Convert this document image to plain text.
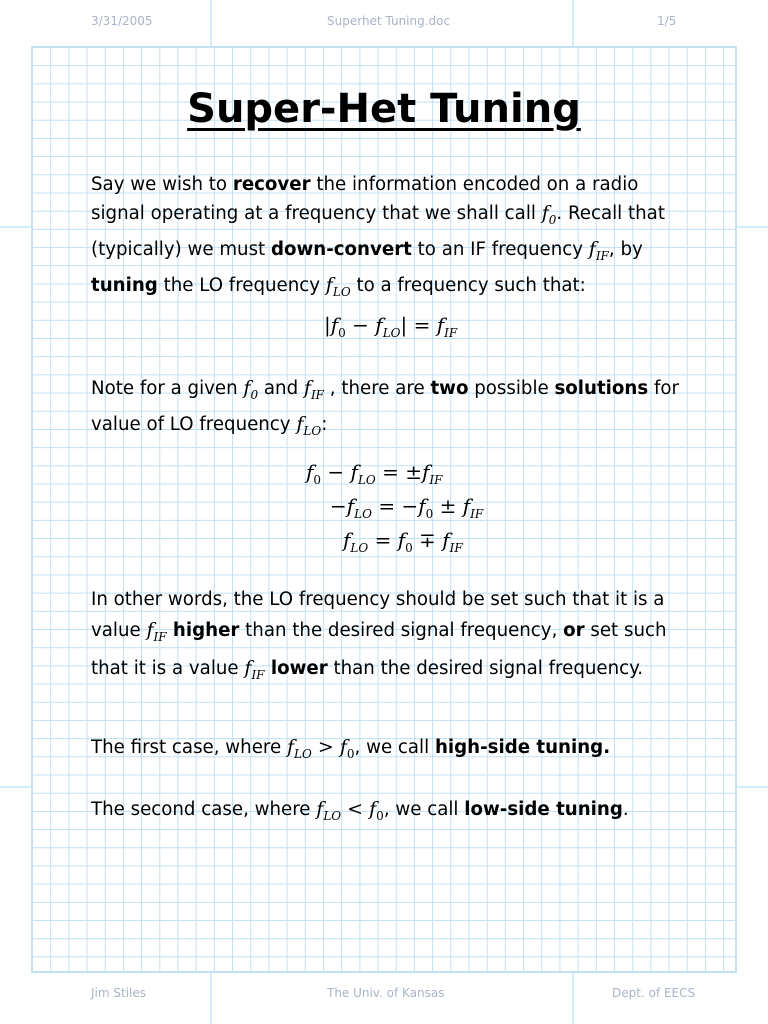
3/31/2005	Superhet Tuning.doc	1/5
Jim Stiles	The Univ. of Kansas	Dept. of EECS
Super-Het Tuning

Say we wish to recover the information encoded on a radio signal operating at a frequency that we shall call $f_0$. Recall that (typically) we must down-convert to an IF frequency $f_{IF}$, by tuning the LO frequency $f_{LO}$ to a frequency such that:

$|f_0 - f_{LO}| = f_{IF}$

Note for a given $f_0$ and $f_{IF}$ , there are two possible solutions for value of LO frequency $f_{LO}$:

$f_0 - f_{LO} = \pm f_{IF}$
$-f_{LO} = -f_0 \pm f_{IF}$
$f_{LO} = f_0 \mp f_{IF}$

In other words, the LO frequency should be set such that it is a value $f_{IF}$ higher than the desired signal frequency, or set such that it is a value $f_{IF}$ lower than the desired signal frequency.

The first case, where $f_{LO} > f_0$, we call high-side tuning.

The second case, where $f_{LO} < f_0$, we call low-side tuning.
